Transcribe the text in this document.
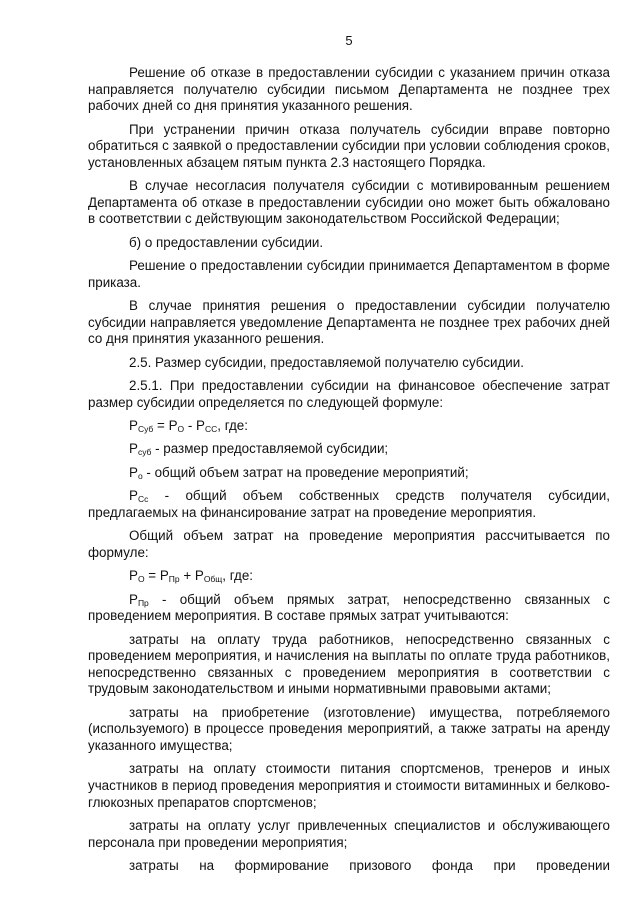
5

Решение об отказе в предоставлении субсидии с указанием причин отказа направляется получателю субсидии письмом Департамента не позднее трех рабочих дней со дня принятия указанного решения.

При устранении причин отказа получатель субсидии вправе повторно обратиться с заявкой о предоставлении субсидии при условии соблюдения сроков, установленных абзацем пятым пункта 2.3 настоящего Порядка.

В случае несогласия получателя субсидии с мотивированным решением Департамента об отказе в предоставлении субсидии оно может быть обжаловано в соответствии с действующим законодательством Российской Федерации;

б) о предоставлении субсидии.

Решение о предоставлении субсидии принимается Департаментом в форме приказа.

В случае принятия решения о предоставлении субсидии получателю субсидии направляется уведомление Департамента не позднее трех рабочих дней со дня принятия указанного решения.

2.5. Размер субсидии, предоставляемой получателю субсидии.

2.5.1. При предоставлении субсидии на финансовое обеспечение затрат размер субсидии определяется по следующей формуле:

$Р_{Суб} = Р_О - Р_{СС}$, где:

$Р_{суб}$ - размер предоставляемой субсидии;

$Р_о$ - общий объем затрат на проведение мероприятий;

$Р_{Сс}$ - общий объем собственных средств получателя субсидии, предлагаемых на финансирование затрат на проведение мероприятия.

Общий объем затрат на проведение мероприятия рассчитывается по формуле:

$Р_О = Р_{Пр} + Р_{Общ}$, где:

$Р_{Пр}$ - общий объем прямых затрат, непосредственно связанных с проведением мероприятия. В составе прямых затрат учитываются:

затраты на оплату труда работников, непосредственно связанных с проведением мероприятия, и начисления на выплаты по оплате труда работников, непосредственно связанных с проведением мероприятия в соответствии с трудовым законодательством и иными нормативными правовыми актами;

затраты на приобретение (изготовление) имущества, потребляемого (используемого) в процессе проведения мероприятий, а также затраты на аренду указанного имущества;

затраты на оплату стоимости питания спортсменов, тренеров и иных участников в период проведения мероприятия и стоимости витаминных и белково-глюкозных препаратов спортсменов;

затраты на оплату услуг привлеченных специалистов и обслуживающего персонала при проведении мероприятия;

затраты на формирование призового фонда при проведении
